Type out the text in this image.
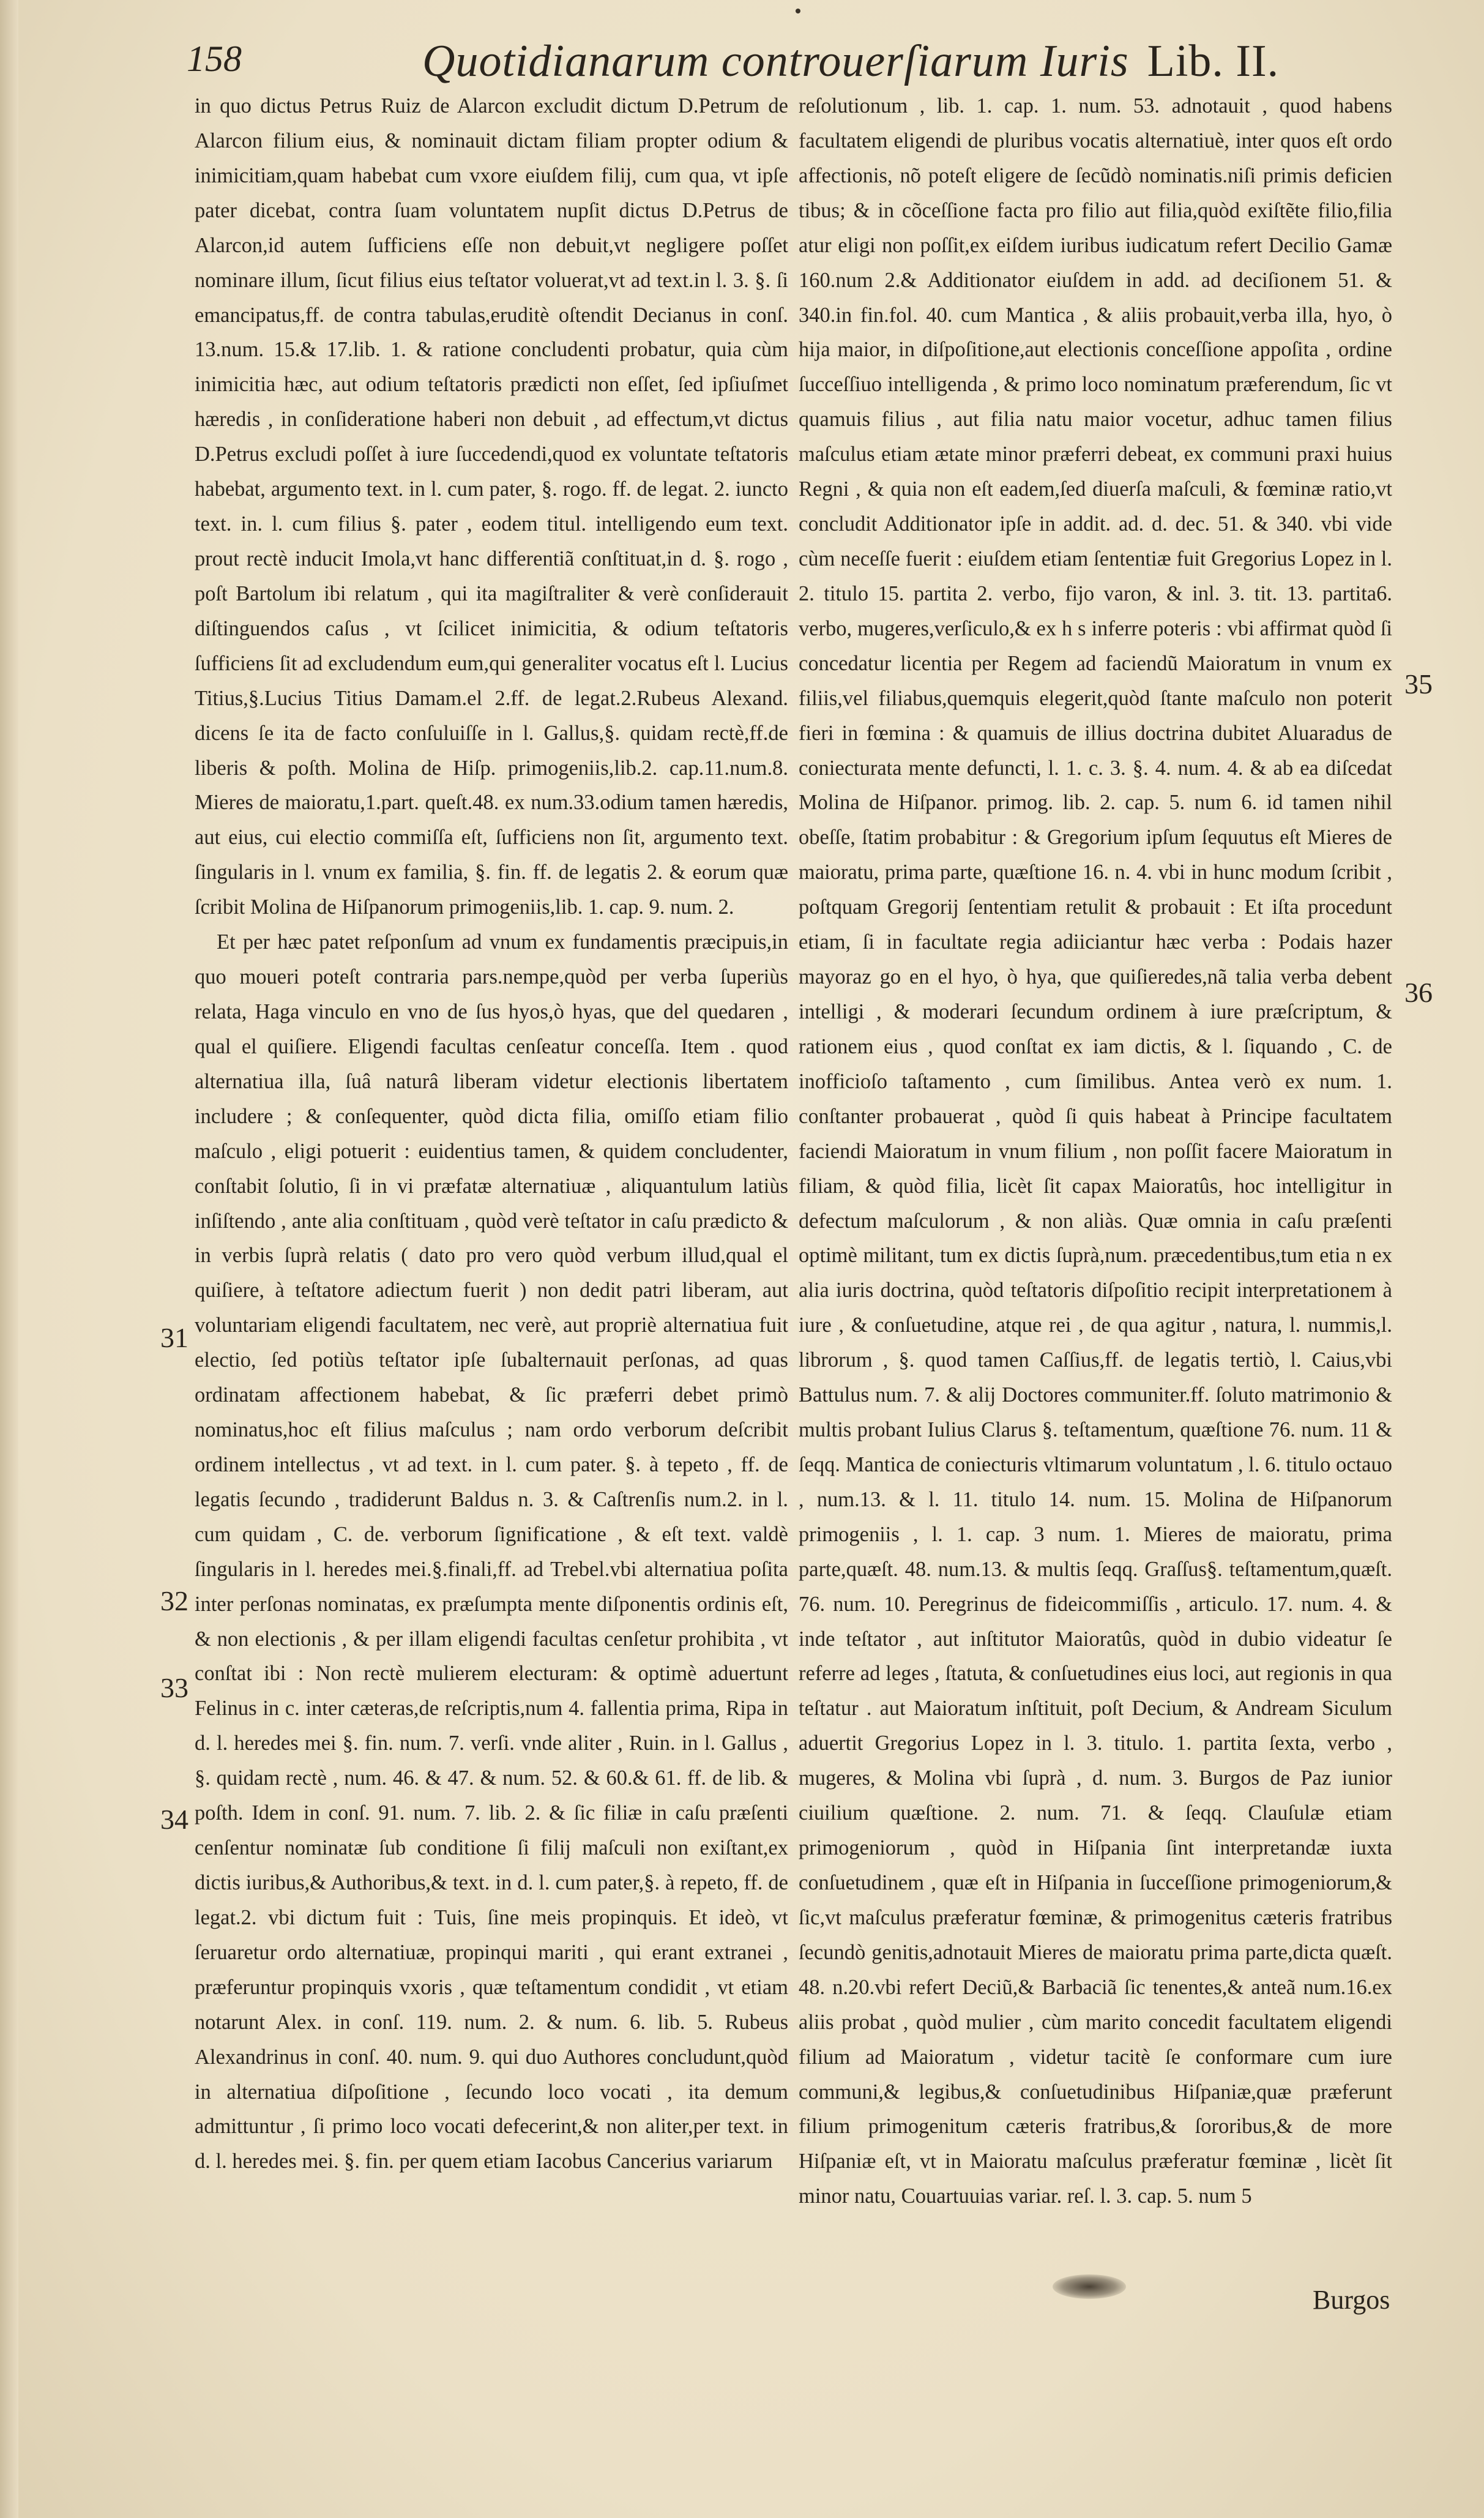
158	Quotidianarum controuerſiarum Iuris Lib. II.

in quo dictus Petrus Ruiz de Alarcon excludit dictum D.Petrum de Alarcon filium eius, & nominauit dictam filiam propter odium & inimicitiam,quam habebat cum vxore eiuſdem filij, cum qua, vt ipſe pater dicebat, contra ſuam voluntatem nupſit dictus D.Petrus de Alarcon,id autem ſufficiens eſſe non debuit,vt negligere poſſet nominare illum, ſicut filius eius teſtator voluerat,vt ad text.in l. 3. §. ſi emancipatus,ff. de contra tabulas,eruditè oſtendit Decianus in conſ. 13.num. 15.& 17.lib. 1. & ratione concludenti probatur, quia cùm inimicitia hæc, aut odium teſtatoris prædicti non eſſet, ſed ipſiuſmet hæredis , in conſideratione haberi non debuit , ad effectum,vt dictus D.Petrus excludi poſſet à iure ſuccedendi,quod ex voluntate teſtatoris habebat, argumento text. in l. cum pater, §. rogo. ff. de legat. 2. iuncto text. in. l. cum filius §. pater , eodem titul. intelligendo eum text. prout rectè inducit Imola,vt hanc differentiã conſtituat,in d. §. rogo , poſt Bartolum ibi relatum , qui ita magiſtraliter & verè conſiderauit diſtinguendos caſus , vt ſcilicet inimicitia, & odium teſtatoris ſufficiens ſit ad excludendum eum,qui generaliter vocatus eſt l. Lucius Titius,§.Lucius Titius Damam.el 2.ff. de legat.2.Rubeus Alexand. dicens ſe ita de facto conſuluiſſe in l. Gallus,§. quidam rectè,ff.de liberis & poſth. Molina de Hiſp. primogeniis,lib.2. cap.11.num.8. Mieres de maioratu,1.part. queſt.48. ex num.33.odium tamen hæredis, aut eius, cui electio commiſſa eſt, ſufficiens non ſit, argumento text. ſingularis in l. vnum ex familia, §. fin. ff. de legatis 2. & eorum quæ ſcribit Molina de Hiſpanorum primogeniis,lib. 1. cap. 9. num. 2.

Et per hæc patet reſponſum ad vnum ex fundamentis præcipuis,in quo moueri poteſt contraria pars.nempe,quòd per verba ſuperiùs relata, Haga vinculo en vno de ſus hyos,ò hyas, que del quedaren , qual el quiſiere. Eligendi facultas cenſeatur conceſſa. Item . quod alternatiua illa, ſuâ naturâ liberam videtur electionis libertatem includere ; & conſequenter, quòd dicta filia, omiſſo etiam filio maſculo , eligi potuerit : euidentius tamen, & quidem concludenter, conſtabit ſolutio, ſi in vi præfatæ alternatiuæ , aliquantulum latiùs inſiſtendo , ante alia conſtituam , quòd verè teſtator in caſu prædicto & in verbis ſuprà relatis ( dato pro vero quòd verbum illud,qual el quiſiere, à teſtatore adiectum fuerit ) non dedit patri liberam, aut voluntariam eligendi facultatem, nec verè, aut propriè alternatiua fuit electio, ſed potiùs teſtator ipſe ſubalternauit perſonas, ad quas ordinatam affectionem habebat, & ſic præferri debet primò nominatus,hoc eſt filius maſculus ; nam ordo verborum deſcribit ordinem intellectus , vt ad text. in l. cum pater. §. à tepeto , ff. de legatis ſecundo , tradiderunt Baldus n. 3. & Caſtrenſis num.2. in l. cum quidam , C. de. verborum ſignificatione , & eſt text. valdè ſingularis in l. heredes mei.§.finali,ff. ad Trebel.vbi alternatiua poſita inter perſonas nominatas, ex præſumpta mente diſponentis ordinis eſt, & non electionis , & per illam eligendi facultas cenſetur prohibita , vt conſtat ibi : Non rectè mulierem electuram: & optimè aduertunt Felinus in c. inter cæteras,de reſcriptis,num 4. fallentia prima, Ripa in d. l. heredes mei §. fin. num. 7. verſi. vnde aliter , Ruin. in l. Gallus , §. quidam rectè , num. 46. & 47. & num. 52. & 60.& 61. ff. de lib. & poſth. Idem in conſ. 91. num. 7. lib. 2. & ſic filiæ in caſu præſenti cenſentur nominatæ ſub conditione ſi filij maſculi non exiſtant,ex dictis iuribus,& Authoribus,& text. in d. l. cum pater,§. à repeto, ff. de legat.2. vbi dictum fuit : Tuis, ſine meis propinquis. Et ideò, vt ſeruaretur ordo alternatiuæ, propinqui mariti , qui erant extranei , præferuntur propinquis vxoris , quæ teſtamentum condidit , vt etiam notarunt Alex. in conſ. 119. num. 2. & num. 6. lib. 5. Rubeus Alexandrinus in conſ. 40. num. 9. qui duo Authores concludunt,quòd in alternatiua diſpoſitione , ſecundo loco vocati , ita demum admittuntur , ſi primo loco vocati defecerint,& non aliter,per text. in d. l. heredes mei. §. fin. per quem etiam Iacobus Cancerius variarum

reſolutionum , lib. 1. cap. 1. num. 53. adnotauit , quod habens facultatem eligendi de pluribus vocatis alternatiuè, inter quos eſt ordo affectionis, nõ poteſt eligere de ſecũdò nominatis.niſi primis deficien tibus; & in cõceſſione facta pro filio aut filia,quòd exiſtẽte filio,filia atur eligi non poſſit,ex eiſdem iuribus iudicatum refert Decilio Gamæ 160.num 2.& Additionator eiuſdem in add. ad deciſionem 51. & 340.in fin.fol. 40. cum Mantica , & aliis probauit,verba illa, hyo, ò hija maior, in diſpoſitione,aut electionis conceſſione appoſita , ordine ſucceſſiuo intelligenda , & primo loco nominatum præferendum, ſic vt quamuis filius , aut filia natu maior vocetur, adhuc tamen filius maſculus etiam ætate minor præferri debeat, ex communi praxi huius Regni , & quia non eſt eadem,ſed diuerſa maſculi, & fœminæ ratio,vt concludit Additionator ipſe in addit. ad. d. dec. 51. & 340. vbi vide cùm neceſſe fuerit : eiuſdem etiam ſententiæ fuit Gregorius Lopez in l. 2. titulo 15. partita 2. verbo, fijo varon, & inl. 3. tit. 13. partita6. verbo, mugeres,verſiculo,& ex h s inferre poteris : vbi affirmat quòd ſi concedatur licentia per Regem ad faciendũ Maioratum in vnum ex filiis,vel filiabus,quemquis elegerit,quòd ſtante maſculo non poterit fieri in fœmina : & quamuis de illius doctrina dubitet Aluaradus de coniecturata mente defuncti, l. 1. c. 3. §. 4. num. 4. & ab ea diſcedat Molina de Hiſpanor. primog. lib. 2. cap. 5. num 6. id tamen nihil obeſſe, ſtatim probabitur : & Gregorium ipſum ſequutus eſt Mieres de maioratu, prima parte, quæſtione 16. n. 4. vbi in hunc modum ſcribit , poſtquam Gregorij ſententiam retulit & probauit : Et iſta procedunt etiam, ſi in facultate regia adiiciantur hæc verba : Podais hazer mayoraz go en el hyo, ò hya, que quiſieredes,nã talia verba debent intelligi , & moderari ſecundum ordinem à iure præſcriptum, & rationem eius , quod conſtat ex iam dictis, & l. ſiquando , C. de inofficioſo taſtamento , cum ſimilibus. Antea verò ex num. 1. conſtanter probauerat , quòd ſi quis habeat à Principe facultatem faciendi Maioratum in vnum filium , non poſſit facere Maioratum in filiam, & quòd filia, licèt ſit capax Maioratûs, hoc intelligitur in defectum maſculorum , & non aliàs. Quæ omnia in caſu præſenti optimè militant, tum ex dictis ſuprà,num. præcedentibus,tum etia n ex alia iuris doctrina, quòd teſtatoris diſpoſitio recipit interpretationem à iure , & conſuetudine, atque rei , de qua agitur , natura, l. nummis,l. librorum , §. quod tamen Caſſius,ff. de legatis tertiò, l. Caius,vbi Battulus num. 7. & alij Doctores communiter.ff. ſoluto matrimonio & multis probant Iulius Clarus §. teſtamentum, quæſtione 76. num. 11 & ſeqq. Mantica de coniecturis vltimarum voluntatum , l. 6. titulo octauo , num.13. & l. 11. titulo 14. num. 15. Molina de Hiſpanorum primogeniis , l. 1. cap. 3 num. 1. Mieres de maioratu, prima parte,quæſt. 48. num.13. & multis ſeqq. Graſſus§. teſtamentum,quæſt. 76. num. 10. Peregrinus de fideicommiſſis , articulo. 17. num. 4. & inde teſtator , aut inſtitutor Maioratûs, quòd in dubio videatur ſe referre ad leges , ſtatuta, & conſuetudines eius loci, aut regionis in qua teſtatur . aut Maioratum inſtituit, poſt Decium, & Andream Siculum aduertit Gregorius Lopez in l. 3. titulo. 1. partita ſexta, verbo , mugeres, & Molina vbi ſuprà , d. num. 3. Burgos de Paz iunior ciuilium quæſtione. 2. num. 71. & ſeqq. Clauſulæ etiam primogeniorum , quòd in Hiſpania ſint interpretandæ iuxta conſuetudinem , quæ eſt in Hiſpania in ſucceſſione primogeniorum,& ſic,vt maſculus præferatur fœminæ, & primogenitus cæteris fratribus ſecundò genitis,adnotauit Mieres de maioratu prima parte,dicta quæſt. 48. n.20.vbi refert Deciũ,& Barbaciã ſic tenentes,& anteã num.16.ex aliis probat , quòd mulier , cùm marito concedit facultatem eligendi filium ad Maioratum , videtur tacitè ſe conformare cum iure communi,& legibus,& conſuetudinibus Hiſpaniæ,quæ præferunt filium primogenitum cæteris fratribus,& ſororibus,& de more Hiſpaniæ eſt, vt in Maioratu maſculus præferatur fœminæ , licèt ſit minor natu, Couartuuias variar. reſ. l. 3. cap. 5. num 5

31
32
33
34
35
36
Burgos
